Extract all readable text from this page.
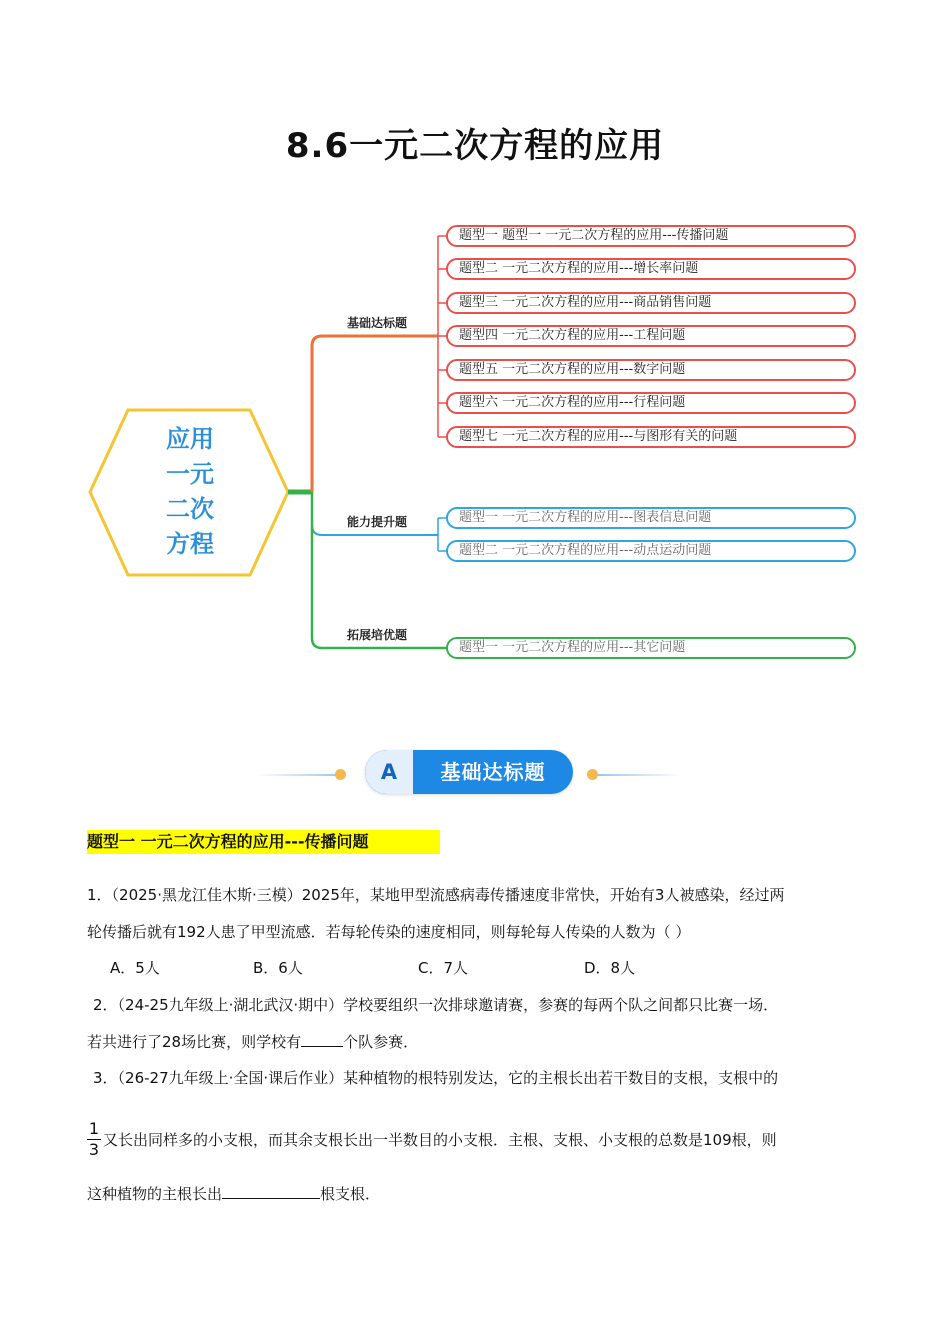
8.6一元二次方程的应用
应用
一元
二次
方程
基础达标题
能力提升题
拓展培优题
题型一 题型一 一元二次方程的应用---传播问题
题型二 一元二次方程的应用---增长率问题
题型三 一元二次方程的应用---商品销售问题
题型四 一元二次方程的应用---工程问题
题型五 一元二次方程的应用---数字问题
题型六 一元二次方程的应用---行程问题
题型七 一元二次方程的应用---与图形有关的问题
题型一 一元二次方程的应用---图表信息问题
题型二 一元二次方程的应用---动点运动问题
题型一 一元二次方程的应用---其它问题
A	基础达标题
题型一 一元二次方程的应用---传播问题
1．（2025·黑龙江佳木斯·三模）2025年，某地甲型流感病毒传播速度非常快，开始有3人被感染，经过两
轮传播后就有192人患了甲型流感．若每轮传染的速度相同，则每轮每人传染的人数为（ ）
A．5人	B．6人	C．7人	D．8人
2．（24-25九年级上·湖北武汉·期中）学校要组织一次排球邀请赛，参赛的每两个队之间都只比赛一场．
若共进行了28场比赛，则学校有	个队参赛．
3．（26-27九年级上·全国·课后作业）某种植物的根特别发达，它的主根长出若干数目的支根，支根中的
$\frac{1}{3}$ 又长出同样多的小支根，而其余支根长出一半数目的小支根．主根、支根、小支根的总数是109根，则
这种植物的主根长出	根支根．
